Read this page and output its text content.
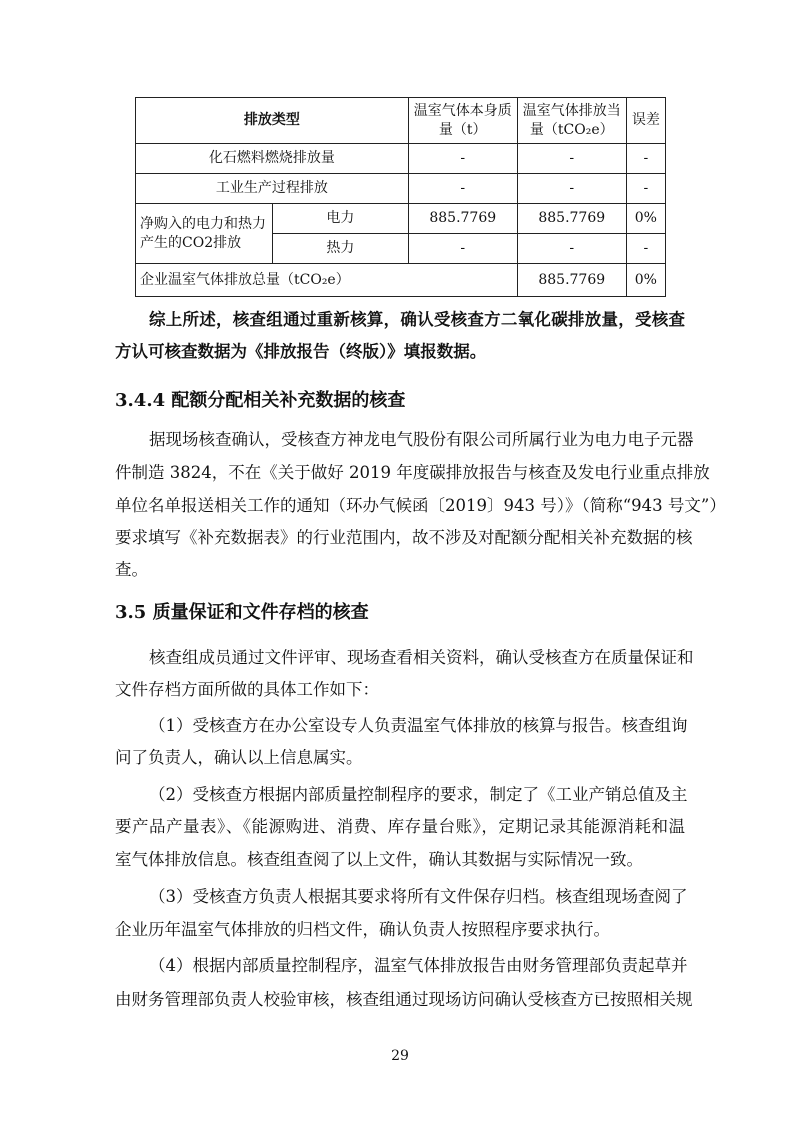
排放类型		温室气体本身质量（t）	温室气体排放当量（tCO₂e）	误差
化石燃料燃烧排放量		-	-	-
工业生产过程排放		-	-	-
净购入的电力和热力产生的CO2排放	电力	885.7769	885.7769	0%
	热力	-	-	-
企业温室气体排放总量（tCO₂e）			885.7769	0%
综上所述，核查组通过重新核算，确认受核查方二氧化碳排放量，受核查
方认可核查数据为《排放报告（终版）》填报数据。
3.4.4 配额分配相关补充数据的核查
据现场核查确认，受核查方神龙电气股份有限公司所属行业为电力电子元器
件制造 3824，不在《关于做好 2019 年度碳排放报告与核查及发电行业重点排放
单位名单报送相关工作的通知（环办气候函〔2019〕943 号）》（简称“943 号文”）
要求填写《补充数据表》的行业范围内，故不涉及对配额分配相关补充数据的核
查。
3.5 质量保证和文件存档的核查
核查组成员通过文件评审、现场查看相关资料，确认受核查方在质量保证和
文件存档方面所做的具体工作如下：
（1）受核查方在办公室设专人负责温室气体排放的核算与报告。核查组询
问了负责人，确认以上信息属实。
（2）受核查方根据内部质量控制程序的要求，制定了《工业产销总值及主
要产品产量表》、《能源购进、消费、库存量台账》，定期记录其能源消耗和温
室气体排放信息。核查组查阅了以上文件，确认其数据与实际情况一致。
（3）受核查方负责人根据其要求将所有文件保存归档。核查组现场查阅了
企业历年温室气体排放的归档文件，确认负责人按照程序要求执行。
（4）根据内部质量控制程序，温室气体排放报告由财务管理部负责起草并
由财务管理部负责人校验审核，核查组通过现场访问确认受核查方已按照相关规
29
